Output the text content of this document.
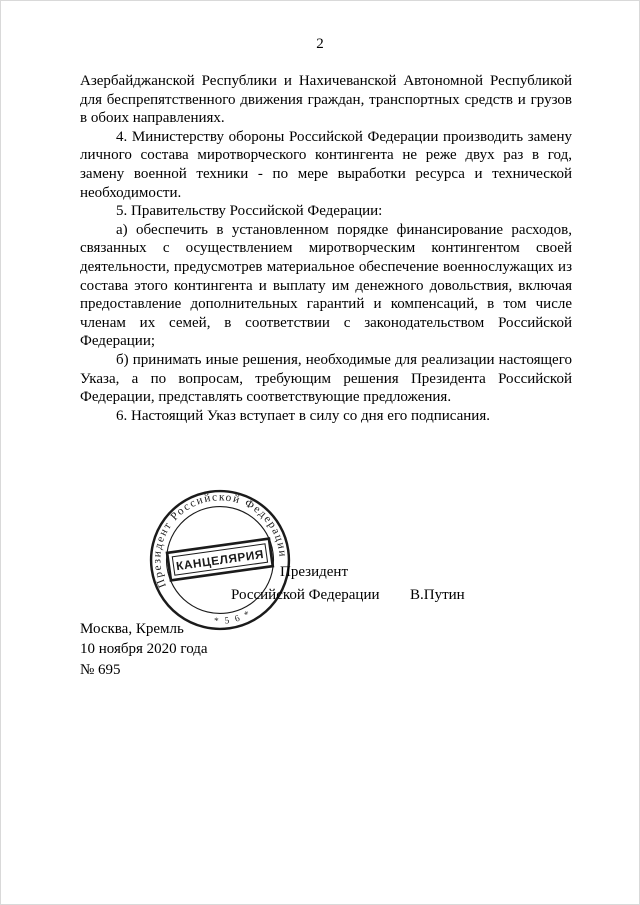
2

Азербайджанской Республики и Нахичеванской Автономной Республикой для беспрепятственного движения граждан, транспортных средств и грузов в обоих направлениях.

4. Министерству обороны Российской Федерации производить замену личного состава миротворческого контингента не реже двух раз в год, замену военной техники - по мере выработки ресурса и технической необходимости.

5. Правительству Российской Федерации:

а) обеспечить в установленном порядке финансирование расходов, связанных с осуществлением миротворческим контингентом своей деятельности, предусмотрев материальное обеспечение военнослужащих из состава этого контингента и выплату им денежного довольствия, включая предоставление дополнительных гарантий и компенсаций, в том числе членам их семей, в соответствии с законодательством Российской Федерации;

б) принимать иные решения, необходимые для реализации настоящего Указа, а по вопросам, требующим решения Президента Российской Федерации, представлять соответствующие предложения.

6. Настоящий Указ вступает в силу со дня его подписания.

Президент Российской Федерации
* 5 6 *
КАНЦЕЛЯРИЯ Президент
Российской Федерации В.Путин
Москва, Кремль
10 ноября 2020 года
№ 695
